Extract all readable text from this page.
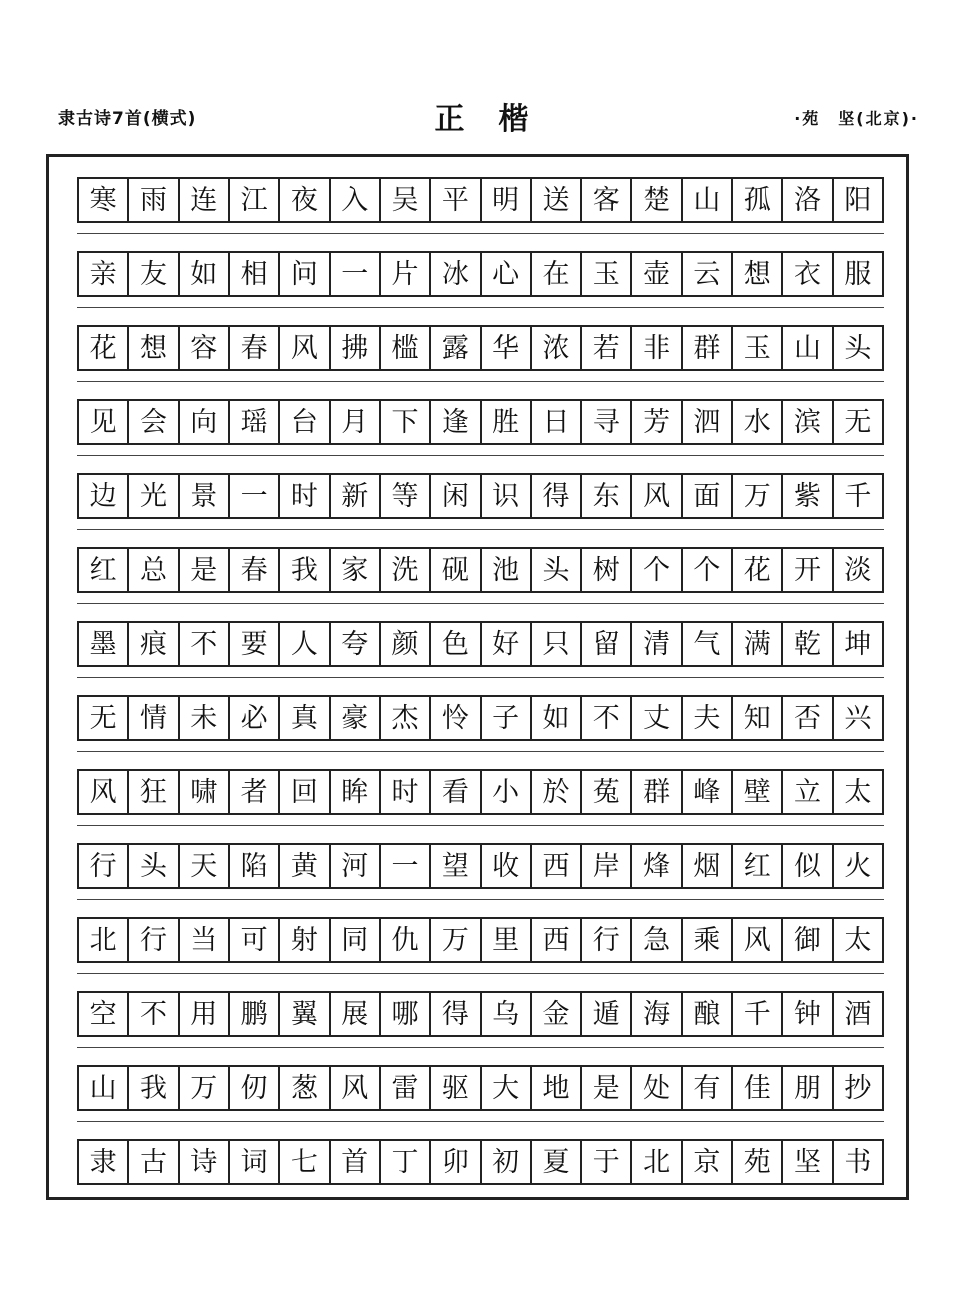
隶古诗7首(横式)	正楷	·苑　坚(北京)·
寒 雨 连 江 夜 入 吴 平 明 送 客 楚 山 孤 洛 阳
亲 友 如 相 问 一 片 冰 心 在 玉 壶 云 想 衣 服
花 想 容 春 风 拂 槛 露 华 浓 若 非 群 玉 山 头
见 会 向 瑶 台 月 下 逢 胜 日 寻 芳 泗 水 滨 无
边 光 景 一 时 新 等 闲 识 得 东 风 面 万 紫 千
红 总 是 春 我 家 洗 砚 池 头 树 个 个 花 开 淡
墨 痕 不 要 人 夸 颜 色 好 只 留 清 气 满 乾 坤
无 情 未 必 真 豪 杰 怜 子 如 不 丈 夫 知 否 兴
风 狂 啸 者 回 眸 时 看 小 於 菟 群 峰 壁 立 太
行 头 天 陷 黄 河 一 望 收 西 岸 烽 烟 红 似 火
北 行 当 可 射 同 仇 万 里 西 行 急 乘 风 御 太
空 不 用 鹏 翼 展 哪 得 乌 金 遁 海 酿 千 钟 酒
山 我 万 仞 葱 风 雷 驱 大 地 是 处 有 佳 朋 抄
隶 古 诗 词 七 首 丁 卯 初 夏 于 北 京 苑 坚 书
